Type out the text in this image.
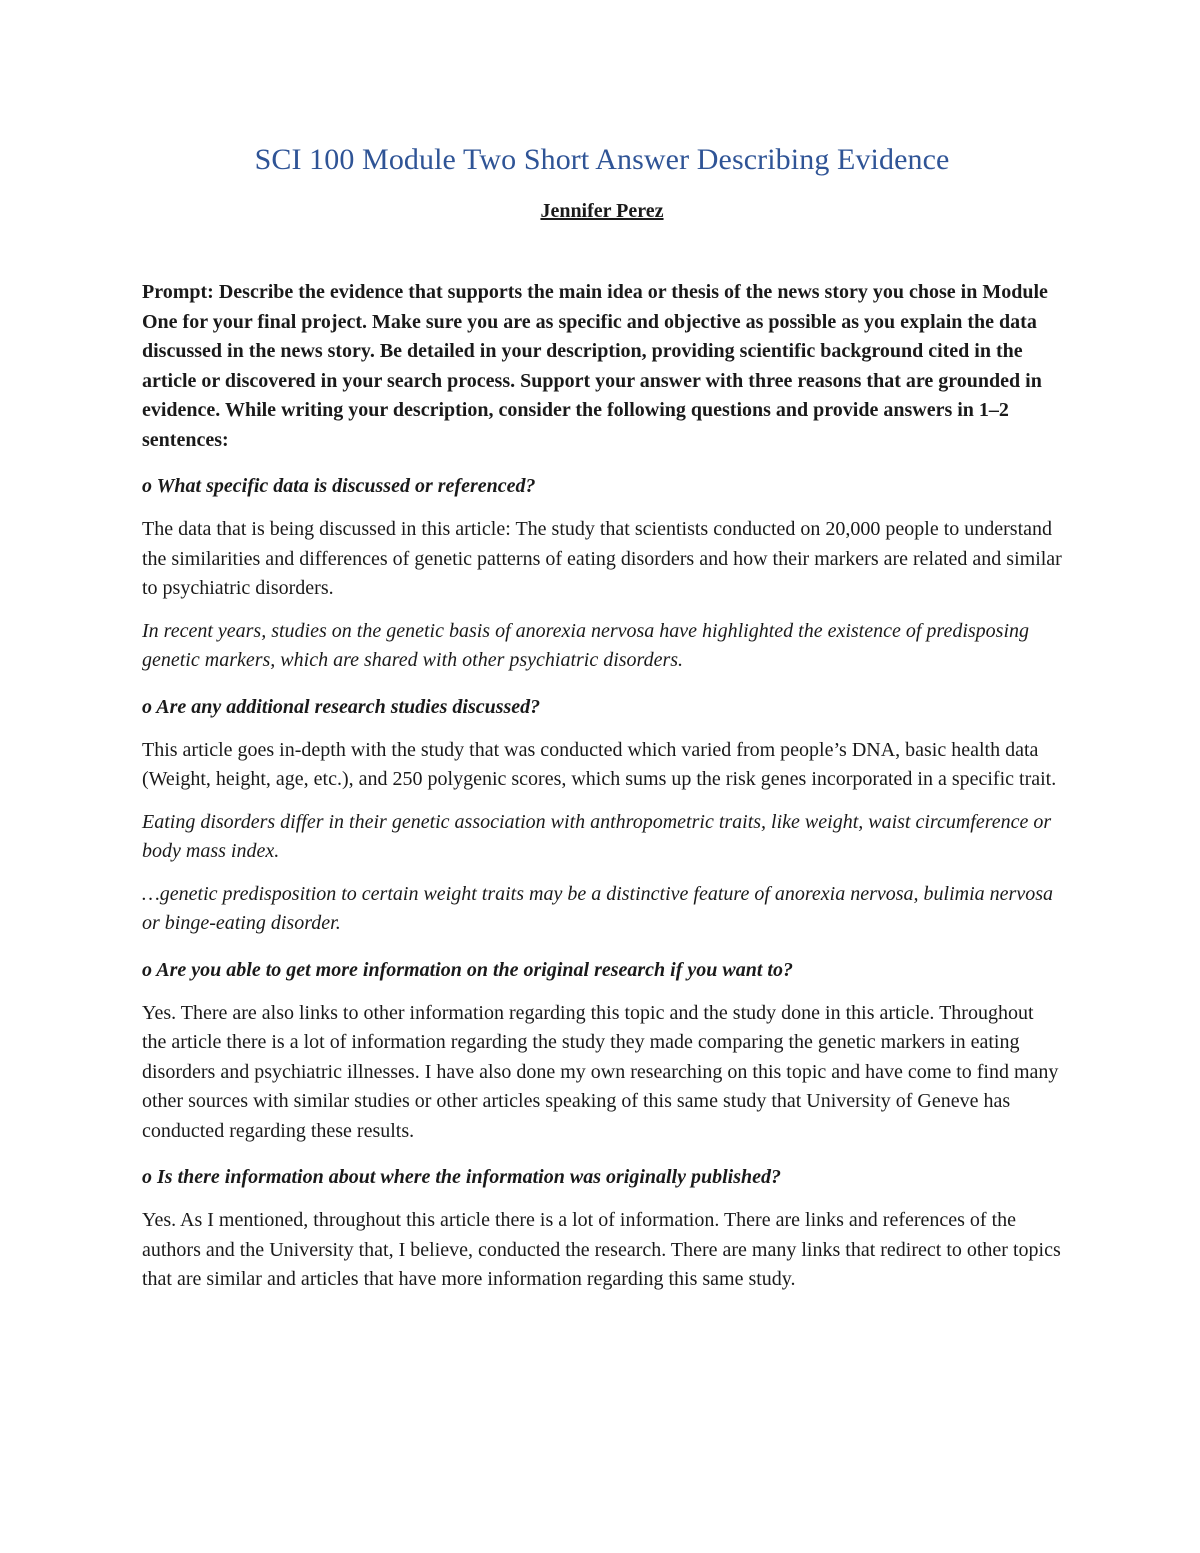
SCI 100 Module Two Short Answer Describing Evidence

Jennifer Perez

Prompt: Describe the evidence that supports the main idea or thesis of the news story you chose in Module One for your final project. Make sure you are as specific and objective as possible as you explain the data discussed in the news story. Be detailed in your description, providing scientific background cited in the article or discovered in your search process. Support your answer with three reasons that are grounded in evidence. While writing your description, consider the following questions and provide answers in 1–2 sentences:

o What specific data is discussed or referenced?

The data that is being discussed in this article: The study that scientists conducted on 20,000 people to understand the similarities and differences of genetic patterns of eating disorders and how their markers are related and similar to psychiatric disorders.

In recent years, studies on the genetic basis of anorexia nervosa have highlighted the existence of predisposing genetic markers, which are shared with other psychiatric disorders.

o Are any additional research studies discussed?

This article goes in-depth with the study that was conducted which varied from people’s DNA, basic health data (Weight, height, age, etc.), and 250 polygenic scores, which sums up the risk genes incorporated in a specific trait.

Eating disorders differ in their genetic association with anthropometric traits, like weight, waist circumference or body mass index.

…genetic predisposition to certain weight traits may be a distinctive feature of anorexia nervosa, bulimia nervosa or binge-eating disorder.

o Are you able to get more information on the original research if you want to?

Yes. There are also links to other information regarding this topic and the study done in this article. Throughout the article there is a lot of information regarding the study they made comparing the genetic markers in eating disorders and psychiatric illnesses. I have also done my own researching on this topic and have come to find many other sources with similar studies or other articles speaking of this same study that University of Geneve has conducted regarding these results.

o Is there information about where the information was originally published?

Yes. As I mentioned, throughout this article there is a lot of information. There are links and references of the authors and the University that, I believe, conducted the research. There are many links that redirect to other topics that are similar and articles that have more information regarding this same study.
